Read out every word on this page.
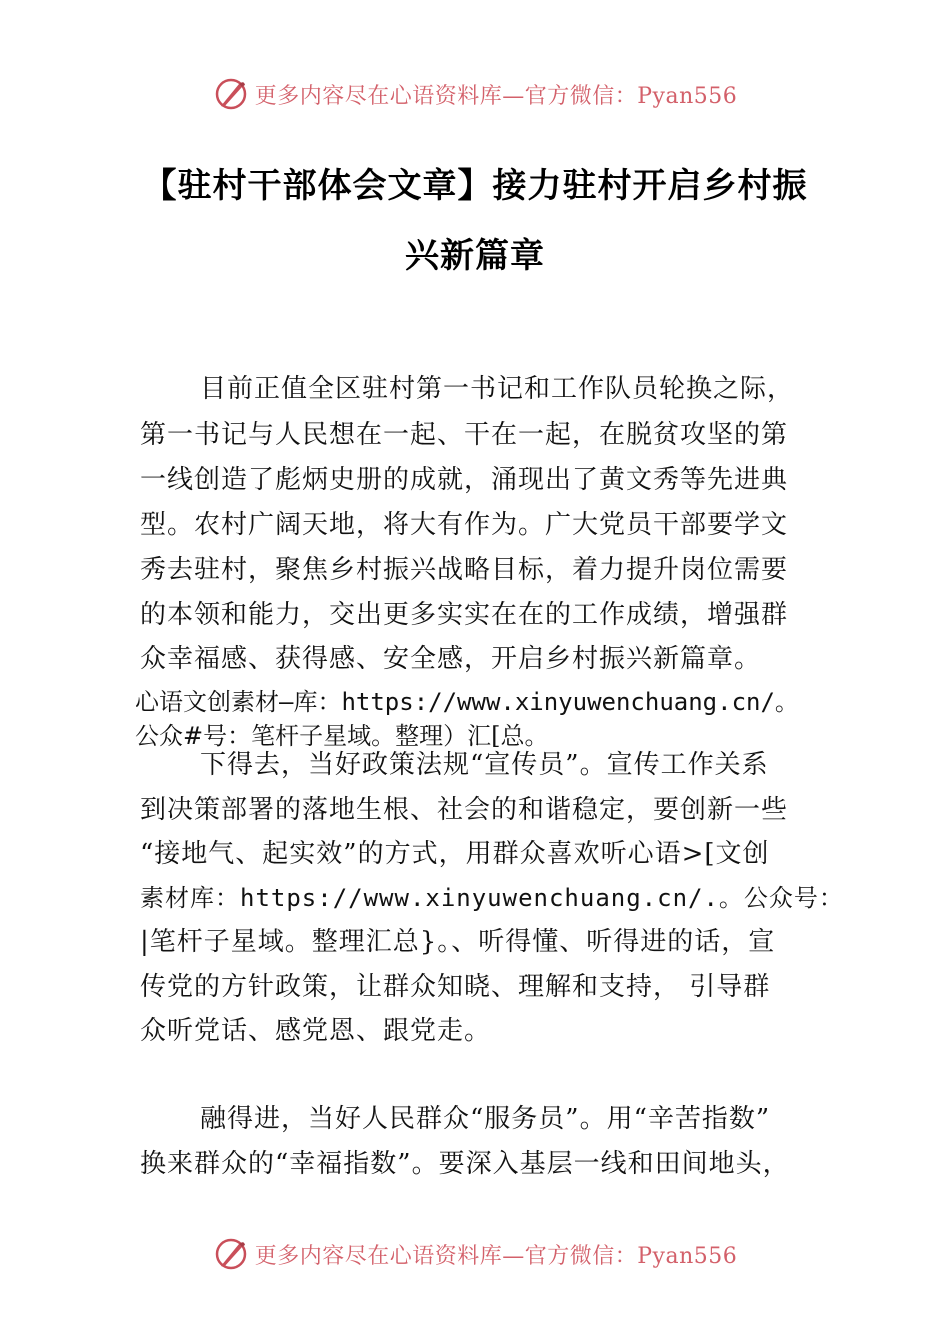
更多内容尽在心语资料库—官方微信：Pyan556
【驻村干部体会文章】接力驻村开启乡村振
兴新篇章
目前正值全区驻村第一书记和工作队员轮换之际，
第一书记与人民想在一起、干在一起，在脱贫攻坚的第
一线创造了彪炳史册的成就，涌现出了黄文秀等先进典
型。农村广阔天地，将大有作为。广大党员干部要学文
秀去驻村，聚焦乡村振兴战略目标，着力提升岗位需要
的本领和能力，交出更多实实在在的工作成绩，增强群
众幸福感、获得感、安全感，开启乡村振兴新篇章。
心语文创素材—库：https://www.xinyuwenchuang.cn/。
公众#号：笔杆子星域。整理）汇[总。
下得去，当好政策法规“宣传员”。宣传工作关系
到决策部署的落地生根、社会的和谐稳定，要创新一些
“接地气、起实效”的方式，用群众喜欢听心语>[文创
素材库：https://www.xinyuwenchuang.cn/.。公众号：
|笔杆子星域。整理汇总}。、听得懂、听得进的话，宣
传党的方针政策，让群众知晓、理解和支持， 引导群
众听党话、感党恩、跟党走。
融得进，当好人民群众“服务员”。用“辛苦指数”
换来群众的“幸福指数”。要深入基层一线和田间地头，
更多内容尽在心语资料库—官方微信：Pyan556
